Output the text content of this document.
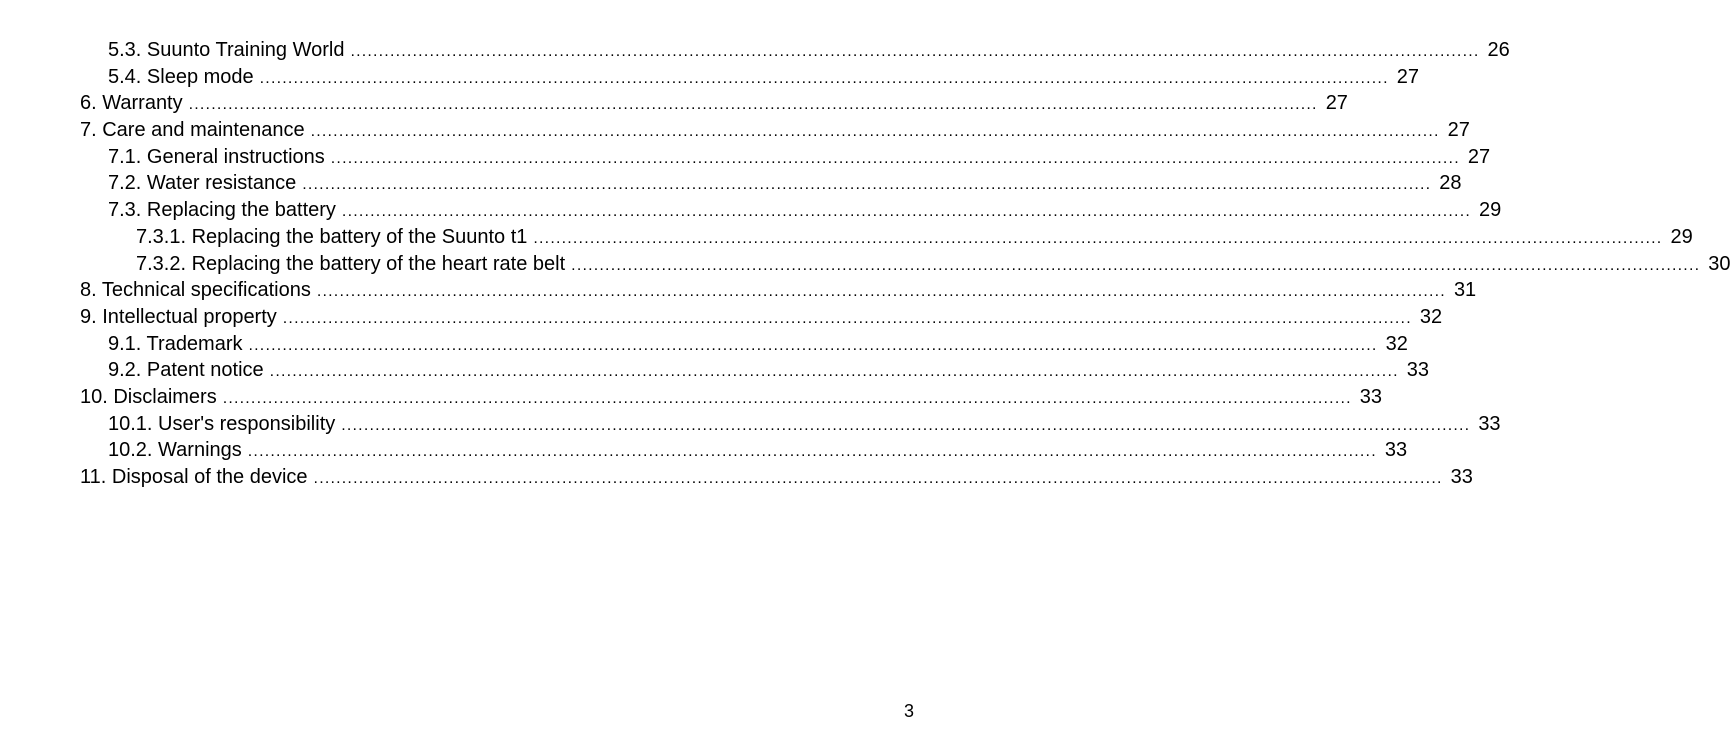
5.3. Suunto Training World ........................................................................................................................................................................................................ 26
5.4. Sleep mode ........................................................................................................................................................................................................ 27
6. Warranty ........................................................................................................................................................................................................ 27
7. Care and maintenance ........................................................................................................................................................................................................ 27
7.1. General instructions ........................................................................................................................................................................................................ 27
7.2. Water resistance ........................................................................................................................................................................................................ 28
7.3. Replacing the battery ........................................................................................................................................................................................................ 29
7.3.1. Replacing the battery of the Suunto t1 ........................................................................................................................................................................................................ 29
7.3.2. Replacing the battery of the heart rate belt ........................................................................................................................................................................................................ 30
8. Technical specifications ........................................................................................................................................................................................................ 31
9. Intellectual property ........................................................................................................................................................................................................ 32
9.1. Trademark ........................................................................................................................................................................................................ 32
9.2. Patent notice ........................................................................................................................................................................................................ 33
10. Disclaimers ........................................................................................................................................................................................................ 33
10.1. User's responsibility ........................................................................................................................................................................................................ 33
10.2. Warnings ........................................................................................................................................................................................................ 33
11. Disposal of the device ........................................................................................................................................................................................................ 33
3
